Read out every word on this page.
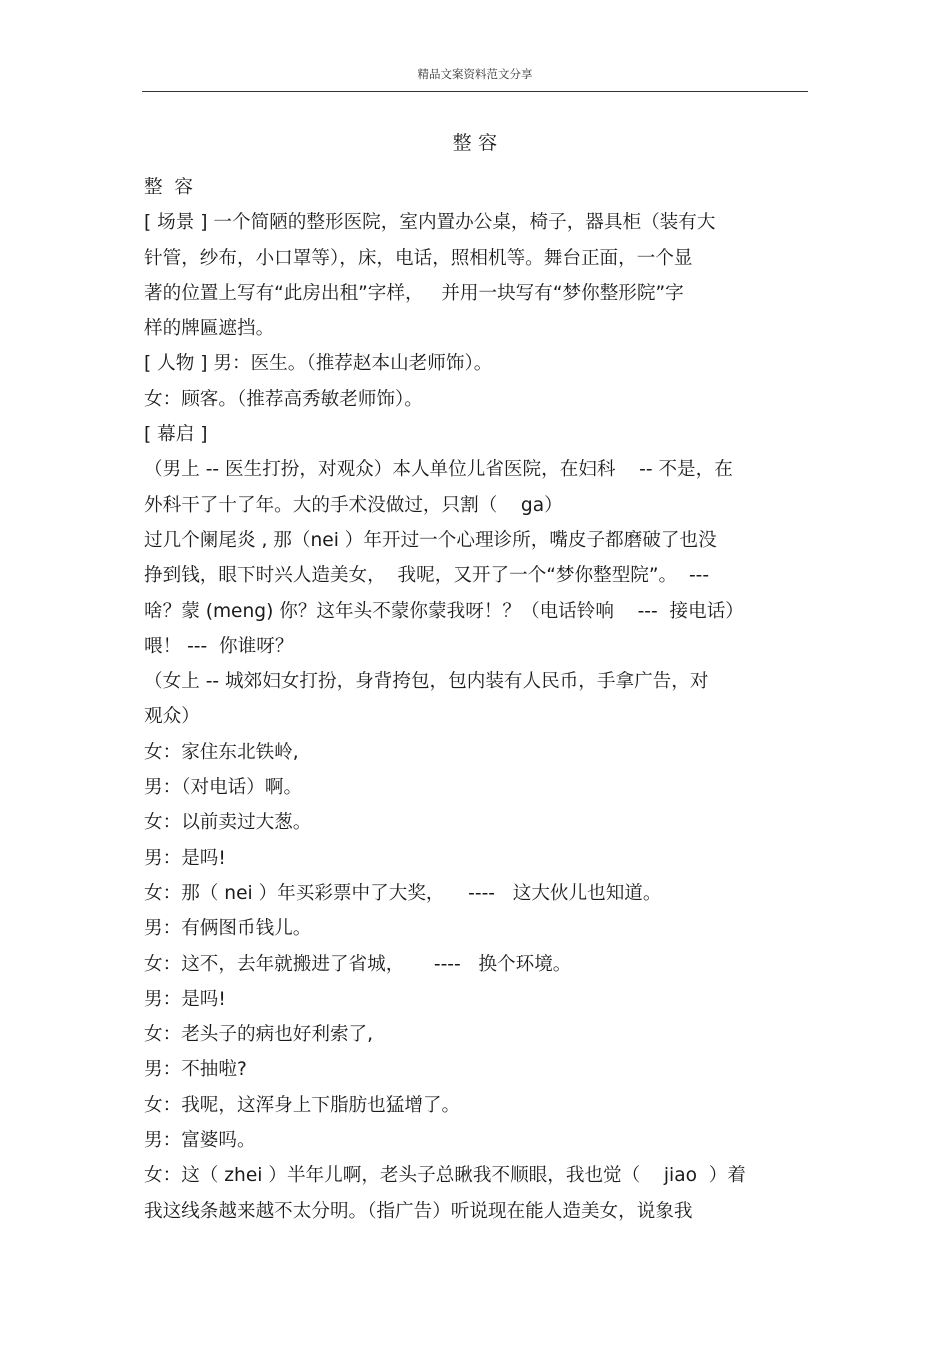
精品文案资料范文分享
整 容
整  容
[ 场景 ] 一个简陋的整形医院，室内置办公桌，椅子，器具柜（装有大
针管，纱布，小口罩等），床，电话，照相机等。舞台正面，一个显
著的位置上写有“此房出租”字样，   并用一块写有“梦你整形院”字
样的牌匾遮挡。
[ 人物 ] 男：医生。（推荐赵本山老师饰）。
女：顾客。（推荐高秀敏老师饰）。
[ 幕启 ]
（男上 -- 医生打扮，对观众）本人单位儿省医院，在妇科    -- 不是，在
外科干了十了年。大的手术没做过，只割（    ga）
过几个阑尾炎 , 那（nei ）年开过一个心理诊所，嘴皮子都磨破了也没
挣到钱，眼下时兴人造美女，  我呢，又开了一个“梦你整型院”。  ---
啥？蒙 (meng) 你？这年头不蒙你蒙我呀！？（电话铃响    ---  接电话）
喂！ ---  你谁呀？
（女上 -- 城郊妇女打扮，身背挎包，包内装有人民币，手拿广告，对
观众）
女：家住东北铁岭,
男：（对电话）啊。
女：以前卖过大葱。
男：是吗!
女：那（ nei ）年买彩票中了大奖，    ----   这大伙儿也知道。
男：有俩图币钱儿。
女：这不，去年就搬进了省城，     ----   换个环境。
男：是吗!
女：老头子的病也好利索了,
男：不抽啦?
女：我呢，这浑身上下脂肪也猛增了。
男：富婆吗。
女：这（ zhei ）半年儿啊，老头子总瞅我不顺眼，我也觉（    jiao  ）着
我这线条越来越不太分明。（指广告）听说现在能人造美女，说象我
